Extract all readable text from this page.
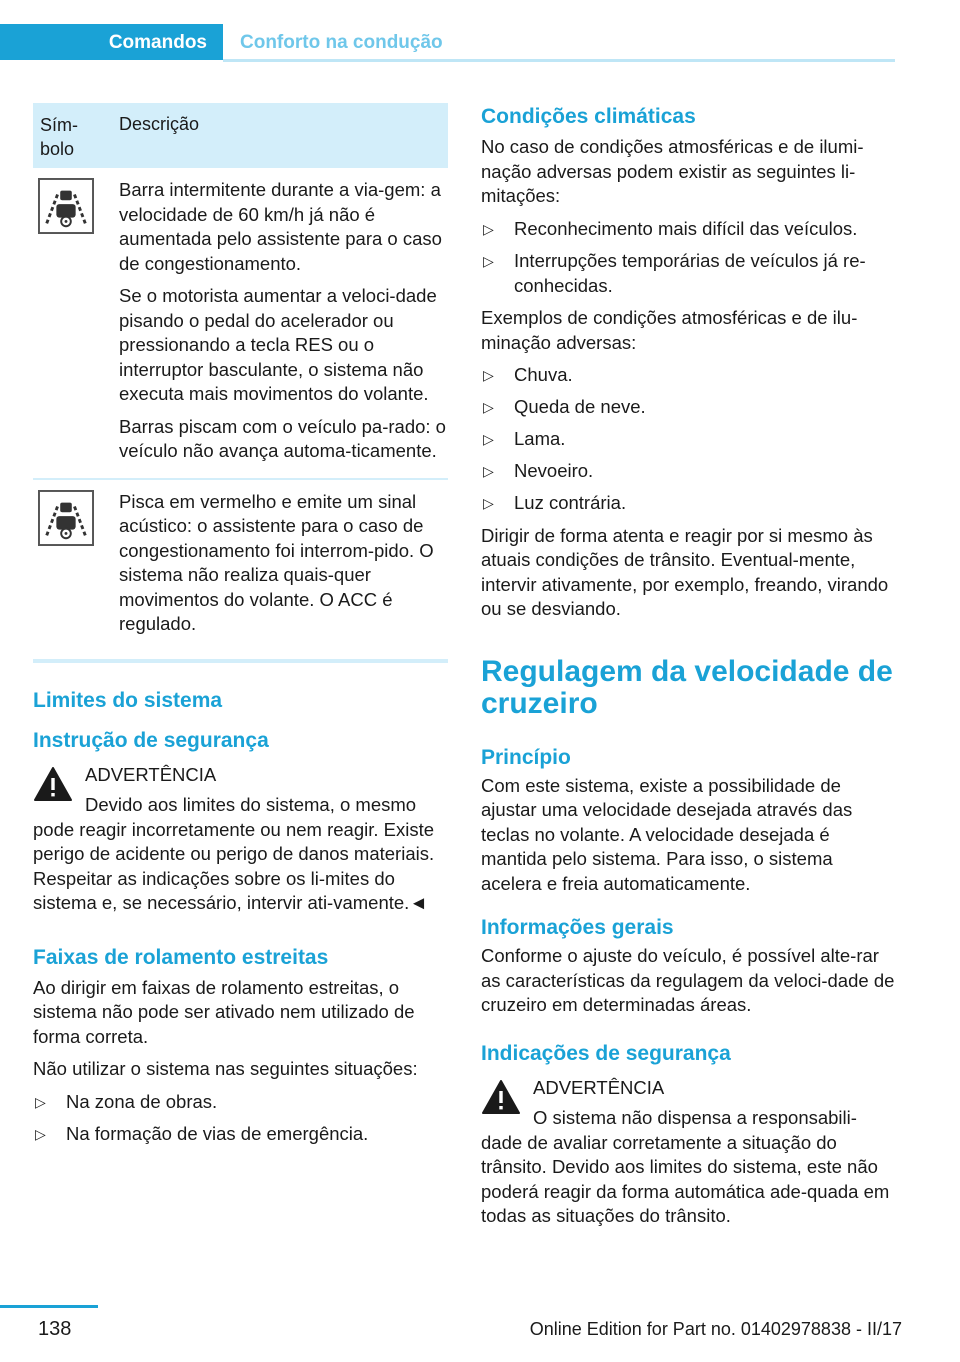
Comandos	Conforto na condução
Sím-
bolo
Descrição

Barra intermitente durante a via-gem: a velocidade de 60 km/h já não é aumentada pelo assistente para o caso de congestionamento.

Se o motorista aumentar a veloci-dade pisando o pedal do acelerador ou pressionando a tecla RES ou o interruptor basculante, o sistema não executa mais movimentos do volante.

Barras piscam com o veículo pa-rado: o veículo não avança automa-ticamente.

Pisca em vermelho e emite um sinal acústico: o assistente para o caso de congestionamento foi interrom-pido. O sistema não realiza quais-quer movimentos do volante. O ACC é regulado.

Limites do sistema
Instrução de segurança
ADVERTÊNCIA
Devido aos limites do sistema, o mesmo pode reagir incorretamente ou nem reagir. Existe perigo de acidente ou perigo de danos materiais. Respeitar as indicações sobre os li-mites do sistema e, se necessário, intervir ati-vamente.◄
Faixas de rolamento estreitas

Ao dirigir em faixas de rolamento estreitas, o sistema não pode ser ativado nem utilizado de forma correta.

Não utilizar o sistema nas seguintes situações:

▷ Na zona de obras.
▷ Na formação de vias de emergência.
Condições climáticas

No caso de condições atmosféricas e de ilumi-nação adversas podem existir as seguintes li-mitações:

▷ Reconhecimento mais difícil das veículos.
▷ Interrupções temporárias de veículos já re-conhecidas.

Exemplos de condições atmosféricas e de ilu-minação adversas:

▷ Chuva.
▷ Queda de neve.
▷ Lama.
▷ Nevoeiro.
▷ Luz contrária.

Dirigir de forma atenta e reagir por si mesmo às atuais condições de trânsito. Eventual-mente, intervir ativamente, por exemplo, freando, virando ou se desviando.

Regulagem da velocidade de cruzeiro
Princípio

Com este sistema, existe a possibilidade de ajustar uma velocidade desejada através das teclas no volante. A velocidade desejada é mantida pelo sistema. Para isso, o sistema acelera e freia automaticamente.

Informações gerais

Conforme o ajuste do veículo, é possível alte-rar as características da regulagem da veloci-dade de cruzeiro em determinadas áreas.

Indicações de segurança
ADVERTÊNCIA
O sistema não dispensa a responsabili-dade de avaliar corretamente a situação do trânsito. Devido aos limites do sistema, este não poderá reagir da forma automática ade-quada em todas as situações do trânsito.
138	Online Edition for Part no. 01402978838 - II/17
